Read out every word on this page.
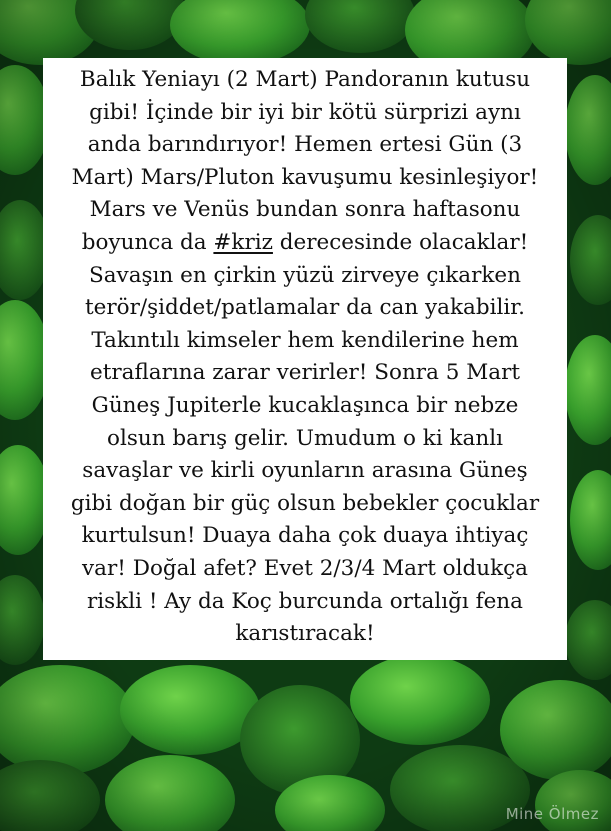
Balık Yeniayı (2 Mart) Pandoranın kutusu
gibi! İçinde bir iyi bir kötü sürprizi aynı
anda barındırıyor! Hemen ertesi Gün (3
Mart) Mars/Pluton kavuşumu kesinleşiyor!
Mars ve Venüs bundan sonra haftasonu
boyunca da #kriz derecesinde olacaklar!
Savaşın en çirkin yüzü zirveye çıkarken
terör/şiddet/patlamalar da can yakabilir.
Takıntılı kimseler hem kendilerine hem
etraflarına zarar verirler! Sonra 5 Mart
Güneş Jupiterle kucaklaşınca bir nebze
olsun barış gelir. Umudum o ki kanlı
savaşlar ve kirli oyunların arasına Güneş
gibi doğan bir güç olsun bebekler çocuklar
kurtulsun! Duaya daha çok duaya ihtiyaç
var! Doğal afet? Evet 2/3/4 Mart oldukça
riskli ! Ay da Koç burcunda ortalığı fena
karıstıracak!
Mine Ölmez
